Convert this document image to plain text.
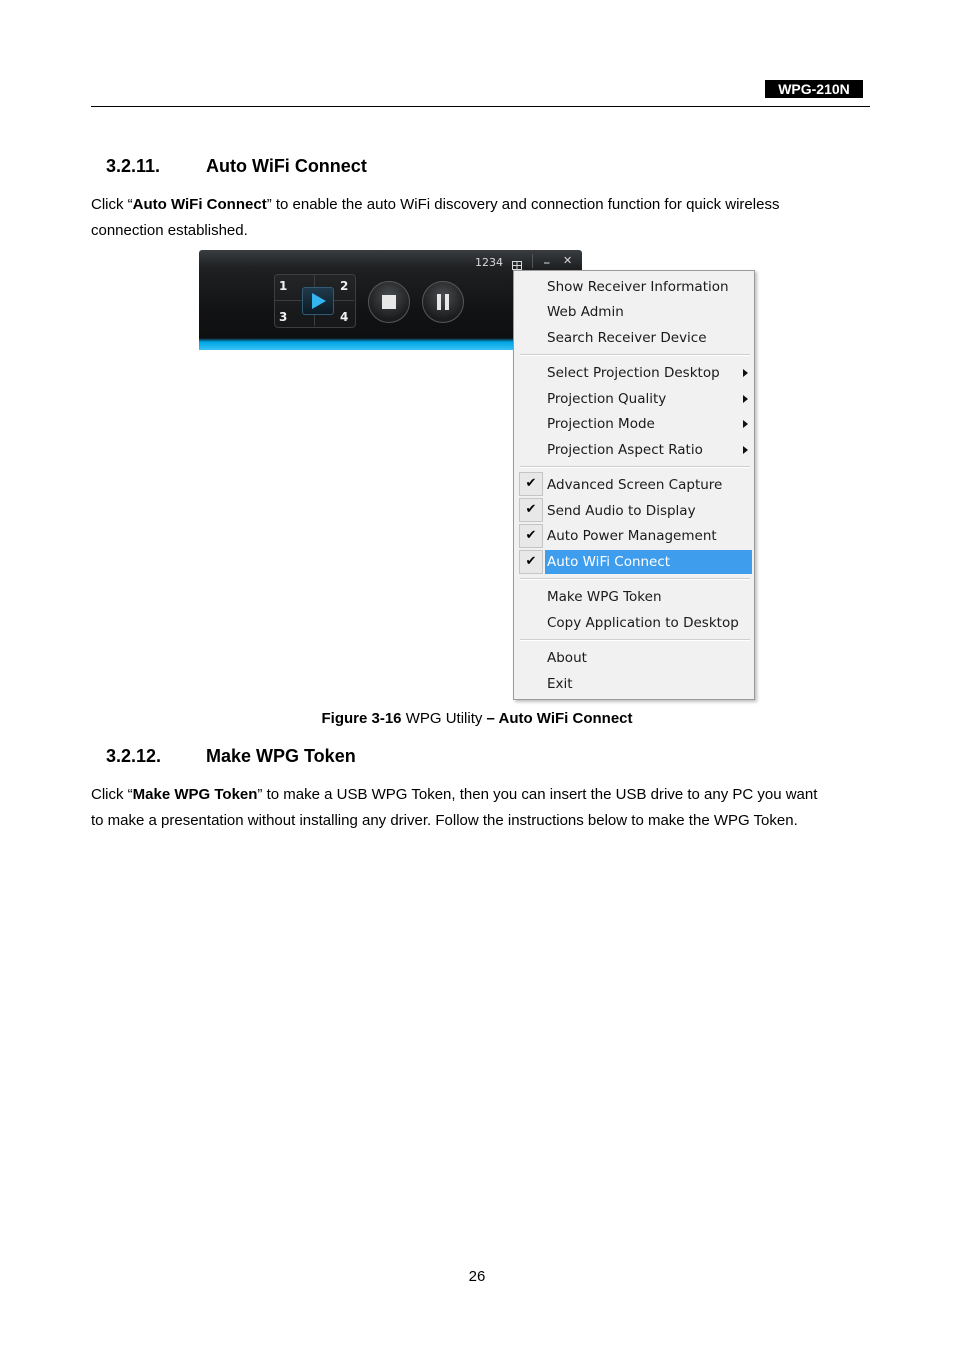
WPG-210N
3.2.11.	Auto WiFi Connect
Click “Auto WiFi Connect” to enable the auto WiFi discovery and connection function for quick wireless
connection established.
1234	_ ✕
1	2
3	4
Show Receiver Information
Web Admin
Search Receiver Device
Select Projection Desktop
Projection Quality
Projection Mode
Projection Aspect Ratio
✔ Advanced Screen Capture
✔ Send Audio to Display
✔ Auto Power Management
✔ Auto WiFi Connect
Make WPG Token
Copy Application to Desktop
About
Exit
Figure 3-16 WPG Utility – Auto WiFi Connect
3.2.12. Make WPG Token
Click “Make WPG Token” to make a USB WPG Token, then you can insert the USB drive to any PC you want
to make a presentation without installing any driver. Follow the instructions below to make the WPG Token.
26
